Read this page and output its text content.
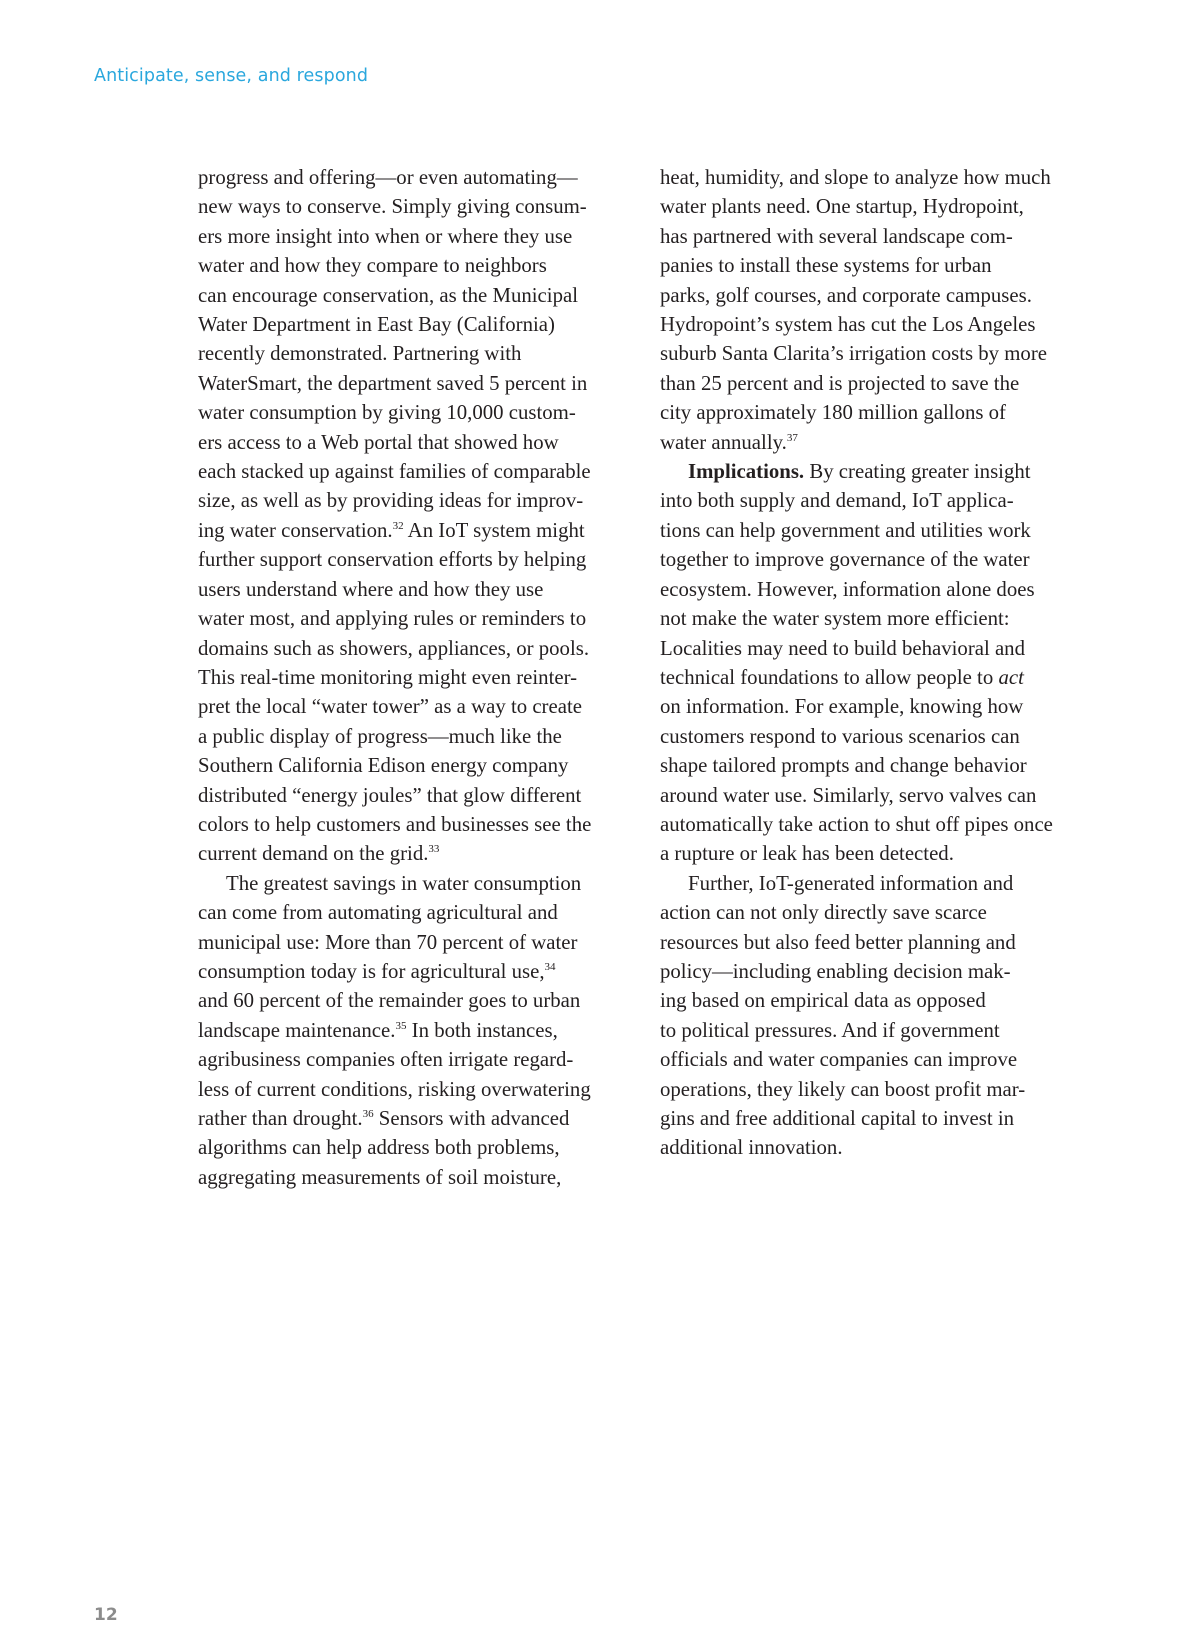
Anticipate, sense, and respond

progress and offering—or even automating—
new ways to conserve. Simply giving consum-
ers more insight into when or where they use
water and how they compare to neighbors
can encourage conservation, as the Municipal
Water Department in East Bay (California)
recently demonstrated. Partnering with
WaterSmart, the department saved 5 percent in
water consumption by giving 10,000 custom-
ers access to a Web portal that showed how
each stacked up against families of comparable
size, as well as by providing ideas for improv-
ing water conservation.$^{32}$ An IoT system might
further support conservation efforts by helping
users understand where and how they use
water most, and applying rules or reminders to
domains such as showers, appliances, or pools.
This real-time monitoring might even reinter-
pret the local “water tower” as a way to create
a public display of progress—much like the
Southern California Edison energy company
distributed “energy joules” that glow different
colors to help customers and businesses see the
current demand on the grid.$^{33}$

The greatest savings in water consumption
can come from automating agricultural and
municipal use: More than 70 percent of water
consumption today is for agricultural use,$^{34}$
and 60 percent of the remainder goes to urban
landscape maintenance.$^{35}$ In both instances,
agribusiness companies often irrigate regard-
less of current conditions, risking overwatering
rather than drought.$^{36}$ Sensors with advanced
algorithms can help address both problems,
aggregating measurements of soil moisture,

heat, humidity, and slope to analyze how much
water plants need. One startup, Hydropoint,
has partnered with several landscape com-
panies to install these systems for urban
parks, golf courses, and corporate campuses.
Hydropoint’s system has cut the Los Angeles
suburb Santa Clarita’s irrigation costs by more
than 25 percent and is projected to save the
city approximately 180 million gallons of
water annually.$^{37}$

Implications. By creating greater insight
into both supply and demand, IoT applica-
tions can help government and utilities work
together to improve governance of the water
ecosystem. However, information alone does
not make the water system more efficient:
Localities may need to build behavioral and
technical foundations to allow people to act
on information. For example, knowing how
customers respond to various scenarios can
shape tailored prompts and change behavior
around water use. Similarly, servo valves can
automatically take action to shut off pipes once
a rupture or leak has been detected.

Further, IoT-generated information and
action can not only directly save scarce
resources but also feed better planning and
policy—including enabling decision mak-
ing based on empirical data as opposed
to political pressures. And if government
officials and water companies can improve
operations, they likely can boost profit mar-
gins and free additional capital to invest in
additional innovation.

12
